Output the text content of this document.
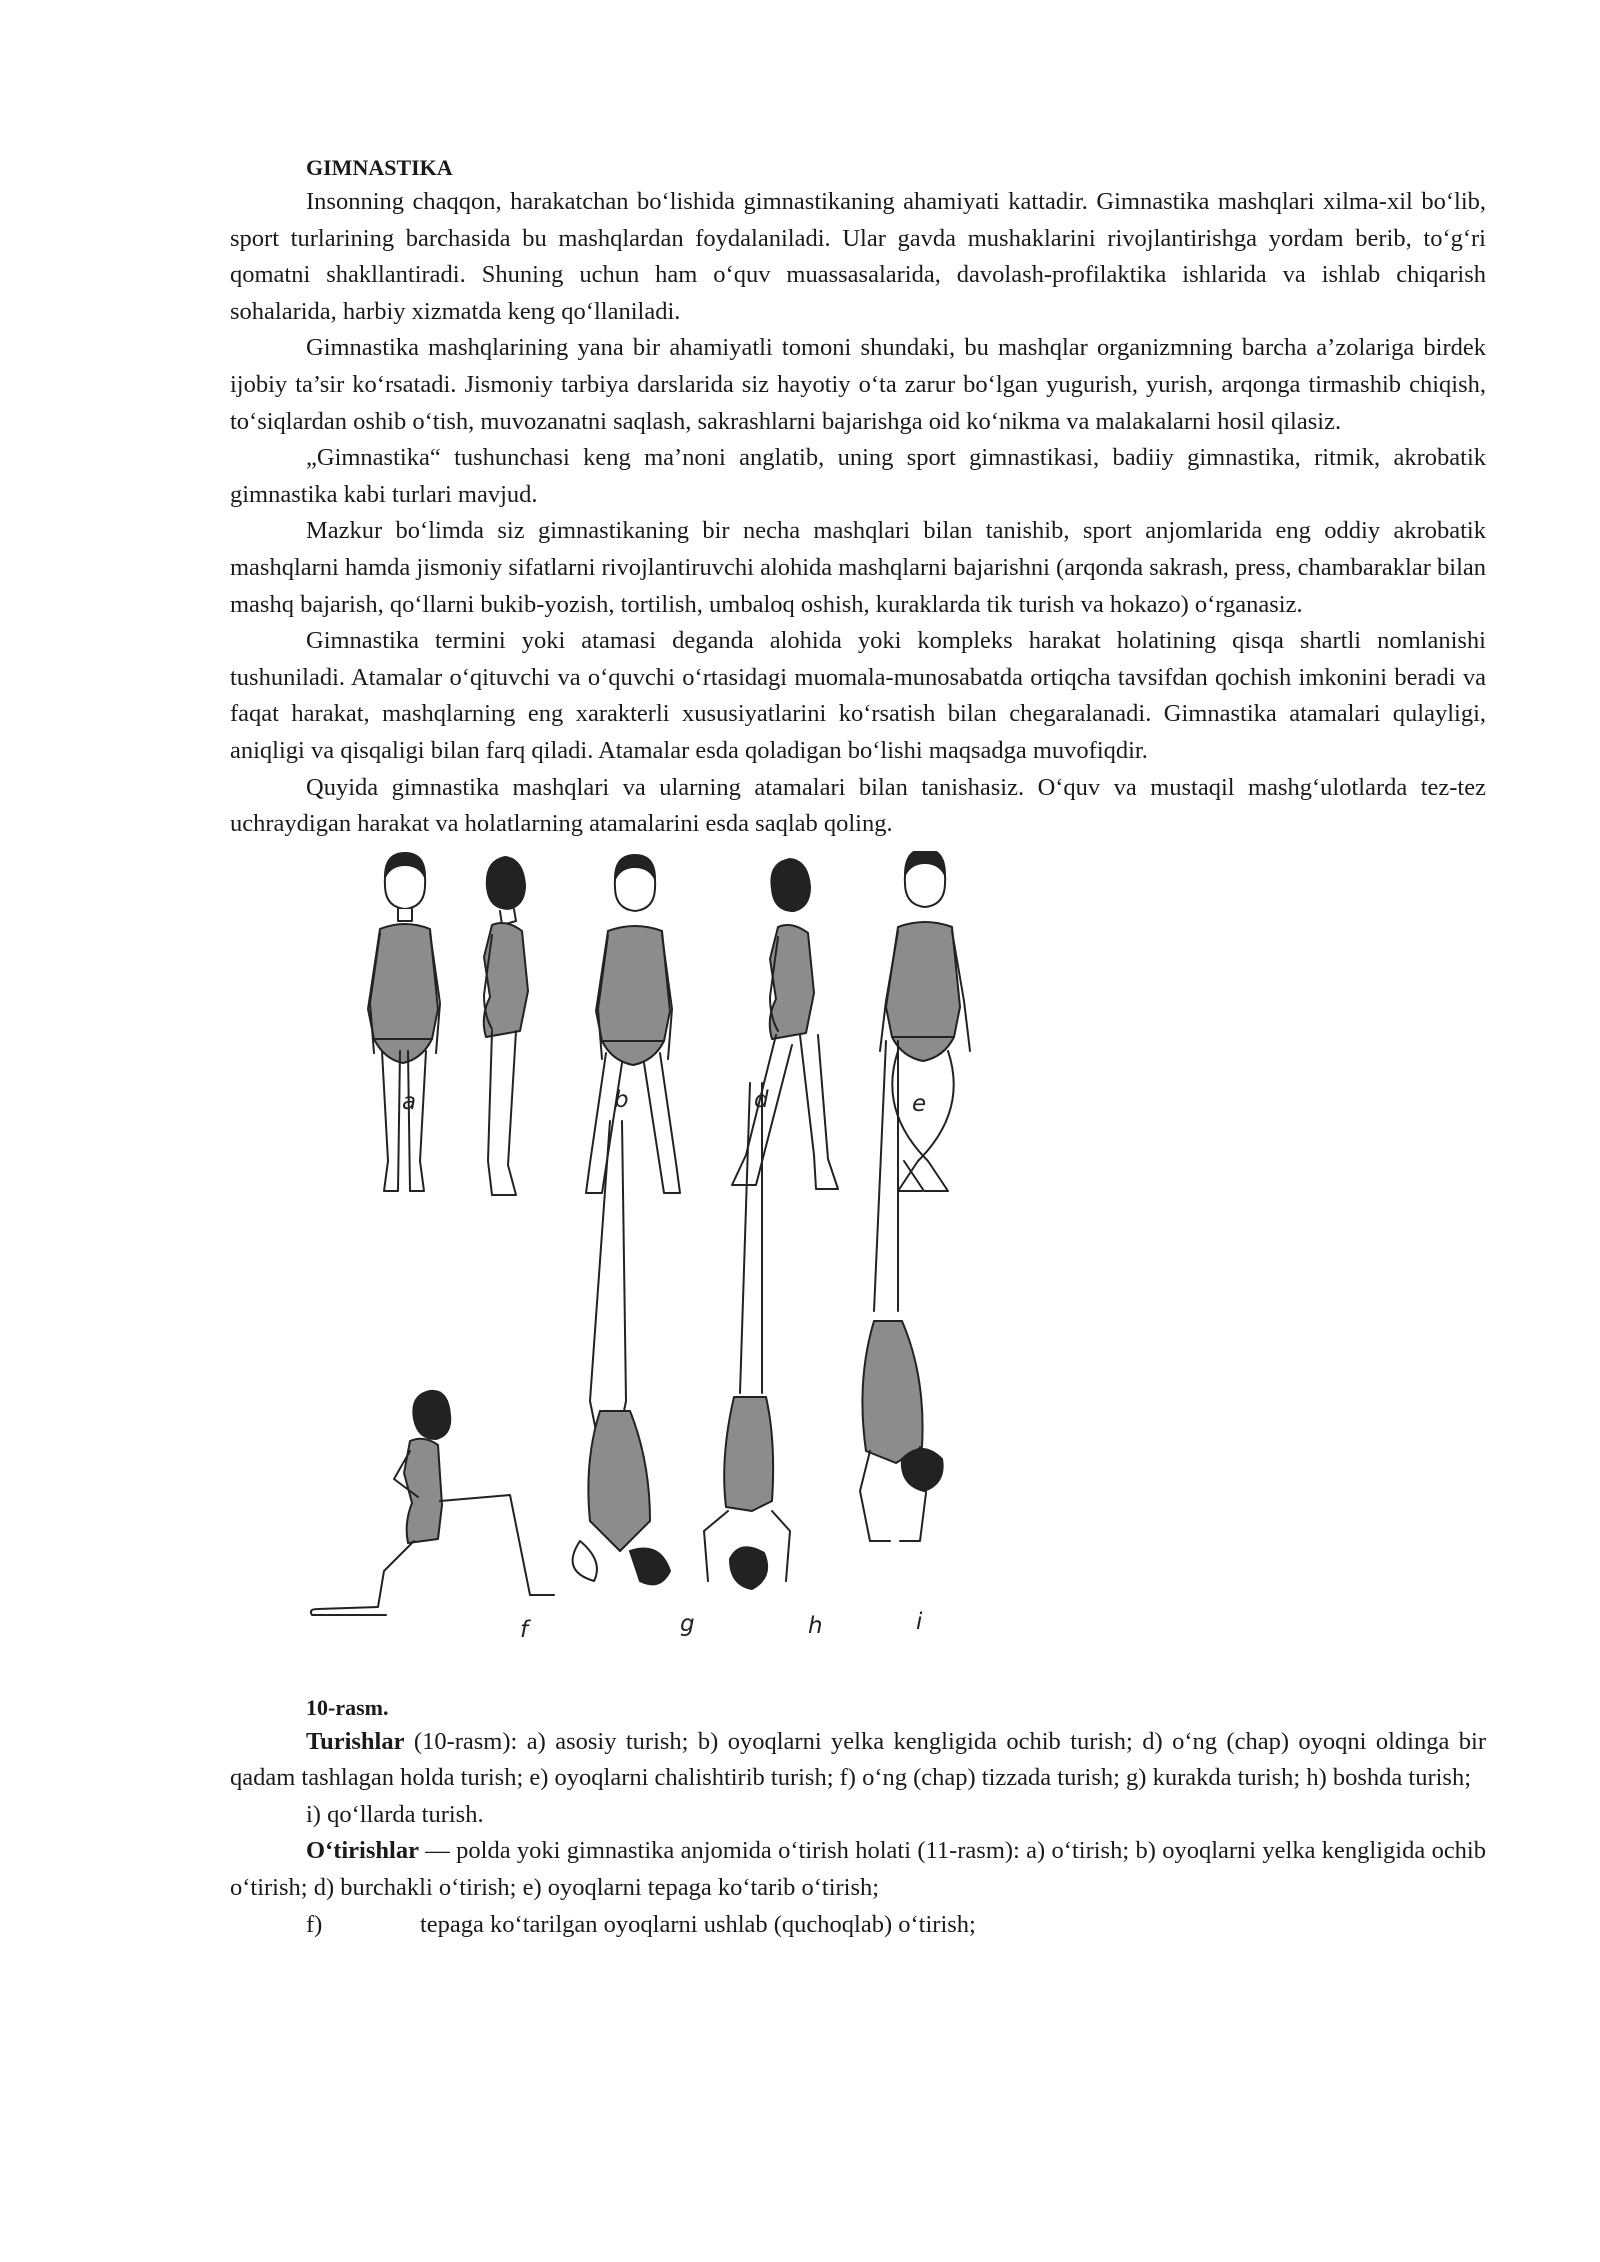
GIMNASTIKA

Insonning chaqqon, harakatchan bo‘lishida gimnastikaning ahamiyati kattadir. Gimnastika mashqlari xilma-xil bo‘lib, sport turlarining barchasida bu mashqlardan foydalaniladi. Ular gavda mushaklarini rivojlantirishga yordam berib, to‘g‘ri qomatni shakllantiradi. Shuning uchun ham o‘quv muassasalarida, davolash-profilaktika ishlarida va ishlab chiqarish sohalarida, harbiy xizmatda keng qo‘llaniladi.

Gimnastika mashqlarining yana bir ahamiyatli tomoni shundaki, bu mashqlar organizmning barcha a’zolariga birdek ijobiy ta’sir ko‘rsatadi. Jismoniy tarbiya darslarida siz hayotiy o‘ta zarur bo‘lgan yugurish, yurish, arqonga tirmashib chiqish, to‘siqlardan oshib o‘tish, muvozanatni saqlash, sakrashlarni bajarishga oid ko‘nikma va malakalarni hosil qilasiz.

„Gimnastika“ tushunchasi keng ma’noni anglatib, uning sport gimnastikasi, badiiy gimnastika, ritmik, akrobatik gimnastika kabi turlari mavjud.

Mazkur bo‘limda siz gimnastikaning bir necha mashqlari bilan tanishib, sport anjomlarida eng oddiy akrobatik mashqlarni hamda jismoniy sifatlarni rivojlantiruvchi alohida mashqlarni bajarishni (arqonda sakrash, press, chambaraklar bilan mashq bajarish, qo‘llarni bukib-yozish, tortilish, umbaloq oshish, kuraklarda tik turish va hokazo) o‘rganasiz.

Gimnastika termini yoki atamasi deganda alohida yoki kompleks harakat holatining qisqa shartli nomlanishi tushuniladi. Atamalar o‘qituvchi va o‘quvchi o‘rtasidagi muomala-munosabatda ortiqcha tavsifdan qochish imkonini beradi va faqat harakat, mashqlarning eng xarakterli xususiyatlarini ko‘rsatish bilan chegaralanadi. Gimnastika atamalari qulayligi, aniqligi va qisqaligi bilan farq qiladi. Atamalar esda qoladigan bo‘lishi maqsadga muvofiqdir.

Quyida gimnastika mashqlari va ularning atamalari bilan tanishasiz. O‘quv va mustaqil mashg‘ulotlarda tez-tez uchraydigan harakat va holatlarning atamalarini esda saqlab qoling.

a	b	d	e
f	g	h	i
10-rasm.

Turishlar (10-rasm): a) asosiy turish; b) oyoqlarni yelka kengligida ochib turish; d) o‘ng (chap) oyoqni oldinga bir qadam tashlagan holda turish; e) oyoqlarni chalishtirib turish; f) o‘ng (chap) tizzada turish; g) kurakda turish; h) boshda turish;

i) qo‘llarda turish.

O‘tirishlar — polda yoki gimnastika anjomida o‘tirish holati (11-rasm): a) o‘tirish; b) oyoqlarni yelka kengligida ochib o‘tirish; d) burchakli o‘tirish; e) oyoqlarni tepaga ko‘tarib o‘tirish;

f)	tepaga ko‘tarilgan oyoqlarni ushlab (quchoqlab) o‘tirish;
